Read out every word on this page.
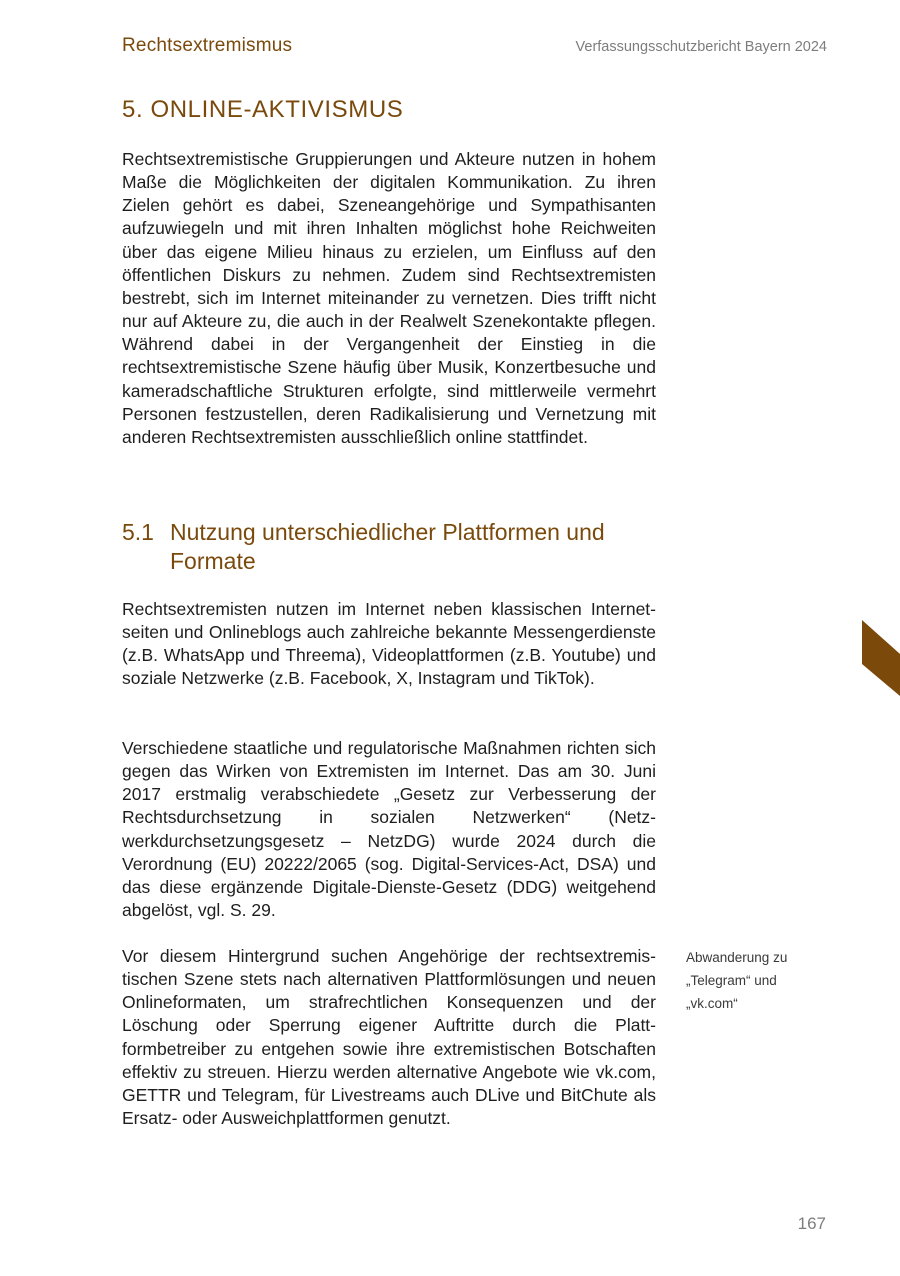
Rechtsextremismus	Verfassungsschutzbericht Bayern 2024
5. ONLINE-AKTIVISMUS

Rechtsextremistische Gruppierungen und Akteure nutzen in hohem Maße die Möglichkeiten der digitalen Kommunikation. Zu ihren Zielen gehört es dabei, Szeneangehörige und Sympathisanten aufzuwiegeln und mit ihren Inhalten möglichst hohe Reichweiten über das eigene Milieu hinaus zu erzielen, um Einfluss auf den öffentlichen Diskurs zu nehmen. Zudem sind Rechtsextremisten bestrebt, sich im Internet miteinander zu vernetzen. Dies trifft nicht nur auf Akteure zu, die auch in der Realwelt Szenekontakte pflegen. Während dabei in der Vergangenheit der Einstieg in die rechtsextremistische Szene häufig über Musik, Konzertbesuche und kameradschaftliche Strukturen erfolgte, sind mittlerweile vermehrt Personen festzustellen, deren Radikalisierung und Vernetzung mit anderen Rechtsextremisten ausschließlich online stattfindet.

5.1 Nutzung unterschiedlicher Plattformen und Formate

Rechtsextremisten nutzen im Internet neben klassischen Internetseiten und Onlineblogs auch zahlreiche bekannte Messengerdienste (z.B. WhatsApp und Threema), Videoplattformen (z.B. Youtube) und soziale Netzwerke (z.B. Facebook, X, Instagram und TikTok).

Verschiedene staatliche und regulatorische Maßnahmen richten sich gegen das Wirken von Extremisten im Internet. Das am 30. Juni 2017 erstmalig verabschiedete „Gesetz zur Verbesserung der Rechtsdurchsetzung in sozialen Netzwerken“ (Netzwerkdurchsetzungsgesetz – NetzDG) wurde 2024 durch die Verordnung (EU) 20222/2065 (sog. Digital-Services-Act, DSA) und das diese ergänzende Digitale-Dienste-Gesetz (DDG) weitgehend abgelöst, vgl. S. 29.

Vor diesem Hintergrund suchen Angehörige der rechtsextremistischen Szene stets nach alternativen Plattformlösungen und neuen Onlineformaten, um strafrechtlichen Konsequenzen und der Löschung oder Sperrung eigener Auftritte durch die Plattformbetreiber zu entgehen sowie ihre extremistischen Botschaften effektiv zu streuen. Hierzu werden alternative Angebote wie vk.com, GETTR und Telegram, für Livestreams auch DLive und BitChute als Ersatz- oder Ausweichplattformen genutzt.

Abwanderung zu „Telegram“ und „vk.com“
167
